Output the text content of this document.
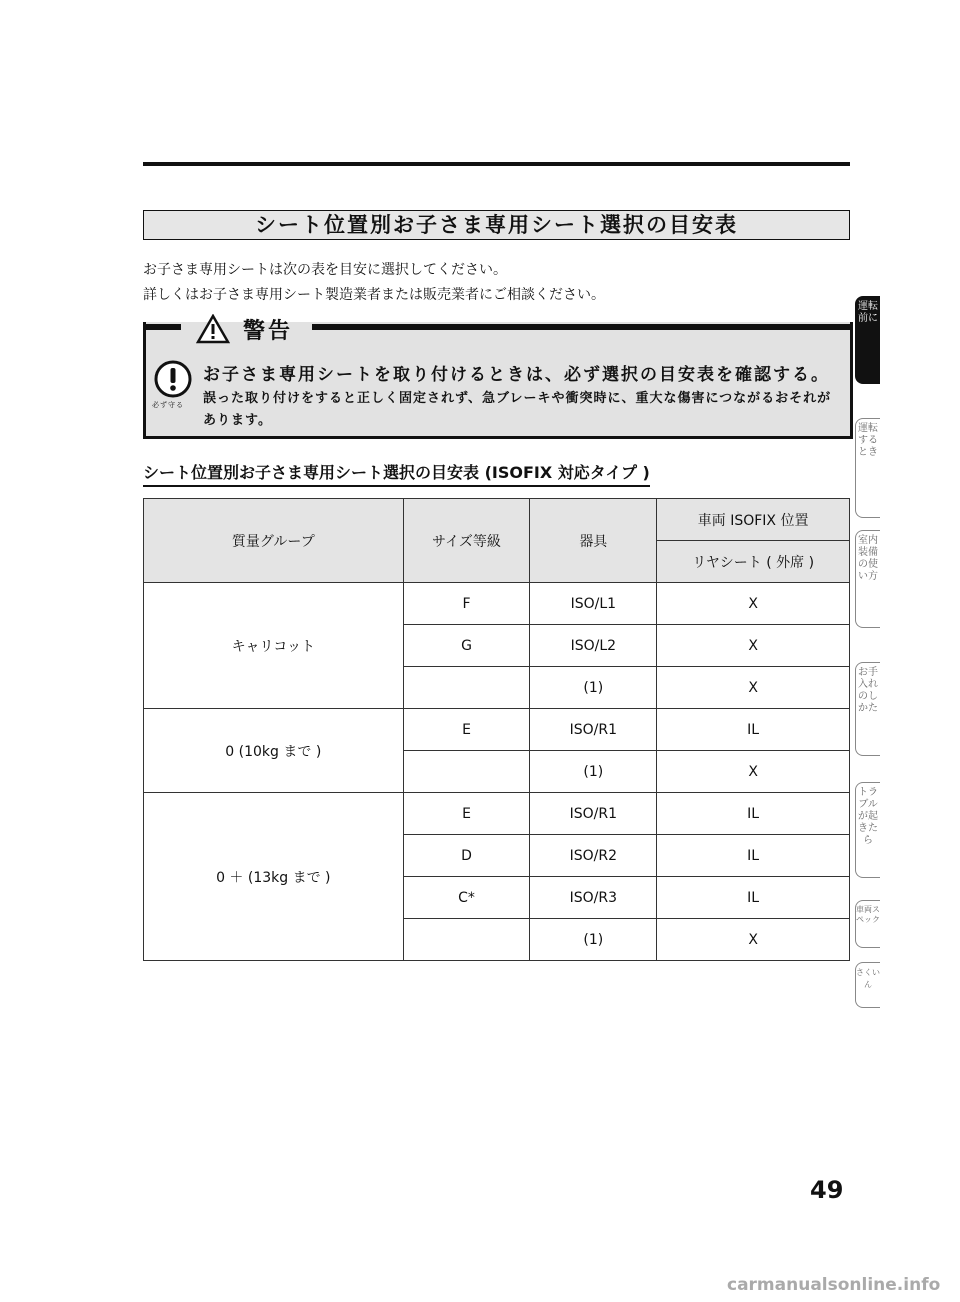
シート位置別お子さま専用シート選択の目安表
お子さま専用シートは次の表を目安に選択してください。
詳しくはお子さま専用シート製造業者または販売業者にご相談ください。
警告
必ず守る
お子さま専用シートを取り付けるときは、必ず選択の目安表を確認する。
誤った取り付けをすると正しく固定されず、急ブレーキや衝突時に、重大な傷害につながるおそれがあります。
シート位置別お子さま専用シート選択の目安表 (ISOFIX 対応タイプ )
質量グループ	サイズ等級	器具	車両 ISOFIX 位置
			リヤシート ( 外席 )
キャリコット	F	ISO/L1	X
	G	ISO/L2	X
		(1)	X
0 (10kg まで )	E	ISO/R1	IL
		(1)	X
0 ＋ (13kg まで )	E	ISO/R1	IL
	D	ISO/R2	IL
	C*	ISO/R3	IL
		(1)	X
運転前に
運転するとき
室内装備の使い方
お手入れのしかた
トラブルが起きたら
車両スペック
さくいん
49
carmanualsonline.info
